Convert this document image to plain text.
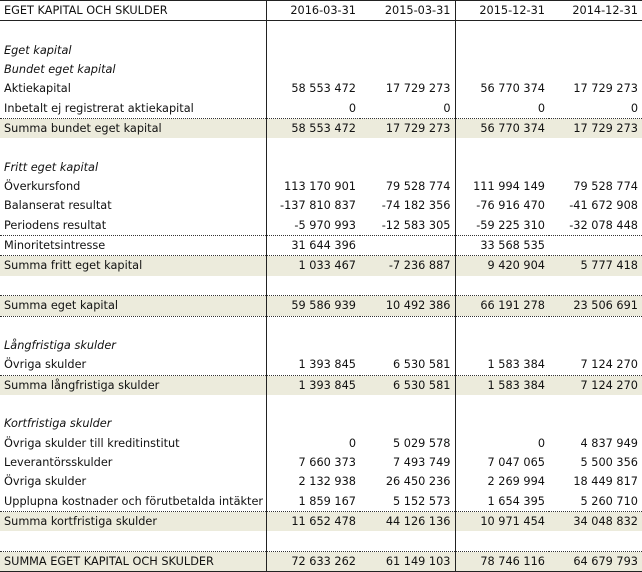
EGET KAPITAL OCH SKULDER	2016-03-31	2015-03-31	2015-12-31	2014-12-31

Eget kapital				
Bundet eget kapital				
Aktiekapital	58 553 472	17 729 273	56 770 374	17 729 273
Inbetalt ej registrerat aktiekapital	0	0	0	0
Summa bundet eget kapital	58 553 472	17 729 273	56 770 374	17 729 273

Fritt eget kapital				
Överkursfond	113 170 901	79 528 774	111 994 149	79 528 774
Balanserat resultat	-137 810 837	-74 182 356	-76 916 470	-41 672 908
Periodens resultat	-5 970 993	-12 583 305	-59 225 310	-32 078 448
Minoritetsintresse	31 644 396		33 568 535	
Summa fritt eget kapital	1 033 467	-7 236 887	9 420 904	5 777 418

Summa eget kapital	59 586 939	10 492 386	66 191 278	23 506 691

Långfristiga skulder				
Övriga skulder	1 393 845	6 530 581	1 583 384	7 124 270
Summa långfristiga skulder	1 393 845	6 530 581	1 583 384	7 124 270

Kortfristiga skulder				
Övriga skulder till kreditinstitut	0	5 029 578	0	4 837 949
Leverantörsskulder	7 660 373	7 493 749	7 047 065	5 500 356
Övriga skulder	2 132 938	26 450 236	2 269 994	18 449 817
Upplupna kostnader och förutbetalda intäkter	1 859 167	5 152 573	1 654 395	5 260 710
Summa kortfristiga skulder	11 652 478	44 126 136	10 971 454	34 048 832

SUMMA EGET KAPITAL OCH SKULDER	72 633 262	61 149 103	78 746 116	64 679 793
